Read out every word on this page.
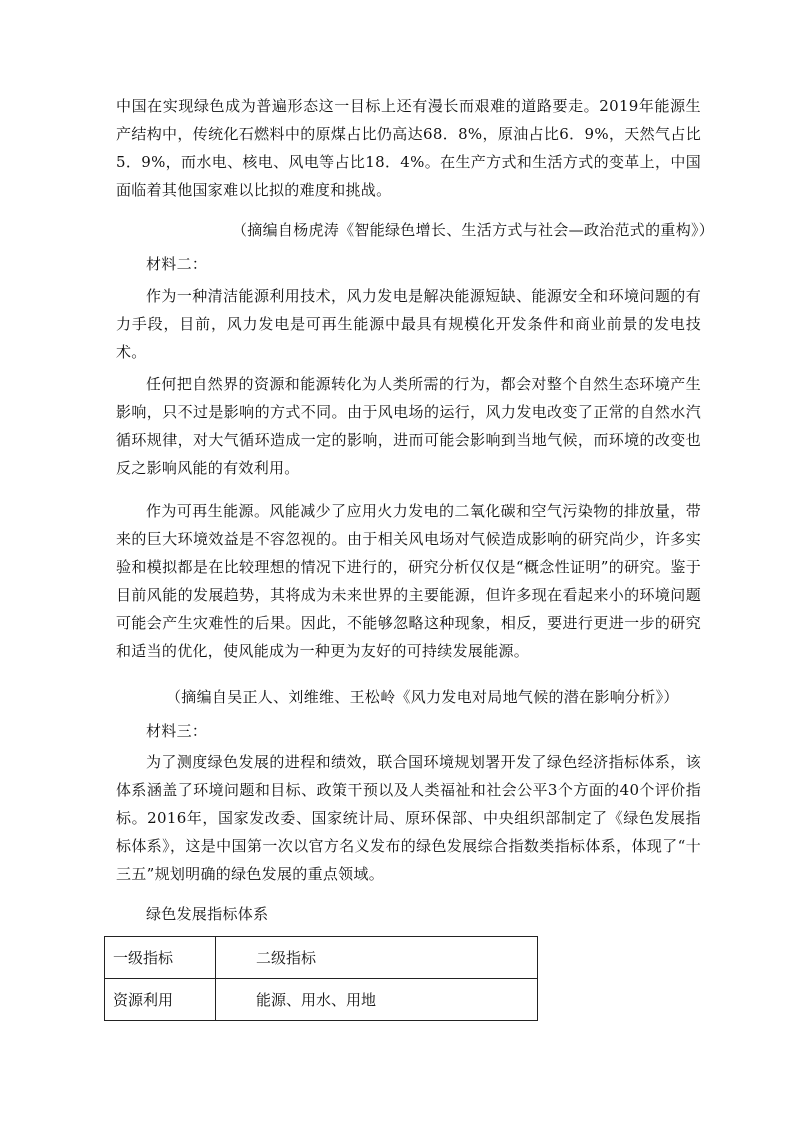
中国在实现绿色成为普遍形态这一目标上还有漫长而艰难的道路要走。2019年能源生产结构中，传统化石燃料中的原煤占比仍高达68．8%，原油占比6．9%，天然气占比5．9%，而水电、核电、风电等占比18．4%。在生产方式和生活方式的变革上，中国面临着其他国家难以比拟的难度和挑战。
（摘编自杨虎涛《智能绿色增长、生活方式与社会—政治范式的重构》）
材料二：
作为一种清洁能源利用技术，风力发电是解决能源短缺、能源安全和环境问题的有力手段，目前，风力发电是可再生能源中最具有规模化开发条件和商业前景的发电技术。
任何把自然界的资源和能源转化为人类所需的行为，都会对整个自然生态环境产生影响，只不过是影响的方式不同。由于风电场的运行，风力发电改变了正常的自然水汽循环规律，对大气循环造成一定的影响，进而可能会影响到当地气候，而环境的改变也反之影响风能的有效利用。
作为可再生能源。风能减少了应用火力发电的二氧化碳和空气污染物的排放量，带来的巨大环境效益是不容忽视的。由于相关风电场对气候造成影响的研究尚少，许多实验和模拟都是在比较理想的情况下进行的，研究分析仅仅是“概念性证明”的研究。鉴于目前风能的发展趋势，其将成为未来世界的主要能源，但许多现在看起来小的环境问题可能会产生灾难性的后果。因此，不能够忽略这种现象，相反，要进行更进一步的研究和适当的优化，使风能成为一种更为友好的可持续发展能源。
（摘编自吴正人、刘维维、王松岭《风力发电对局地气候的潜在影响分析》）
材料三：
为了测度绿色发展的进程和绩效，联合国环境规划署开发了绿色经济指标体系，该体系涵盖了环境问题和目标、政策干预以及人类福祉和社会公平3个方面的40个评价指标。2016年，国家发改委、国家统计局、原环保部、中央组织部制定了《绿色发展指标体系》，这是中国第一次以官方名义发布的绿色发展综合指数类指标体系，体现了“十三五”规划明确的绿色发展的重点领域。
绿色发展指标体系
一级指标	二级指标
资源利用	能源、用水、用地
